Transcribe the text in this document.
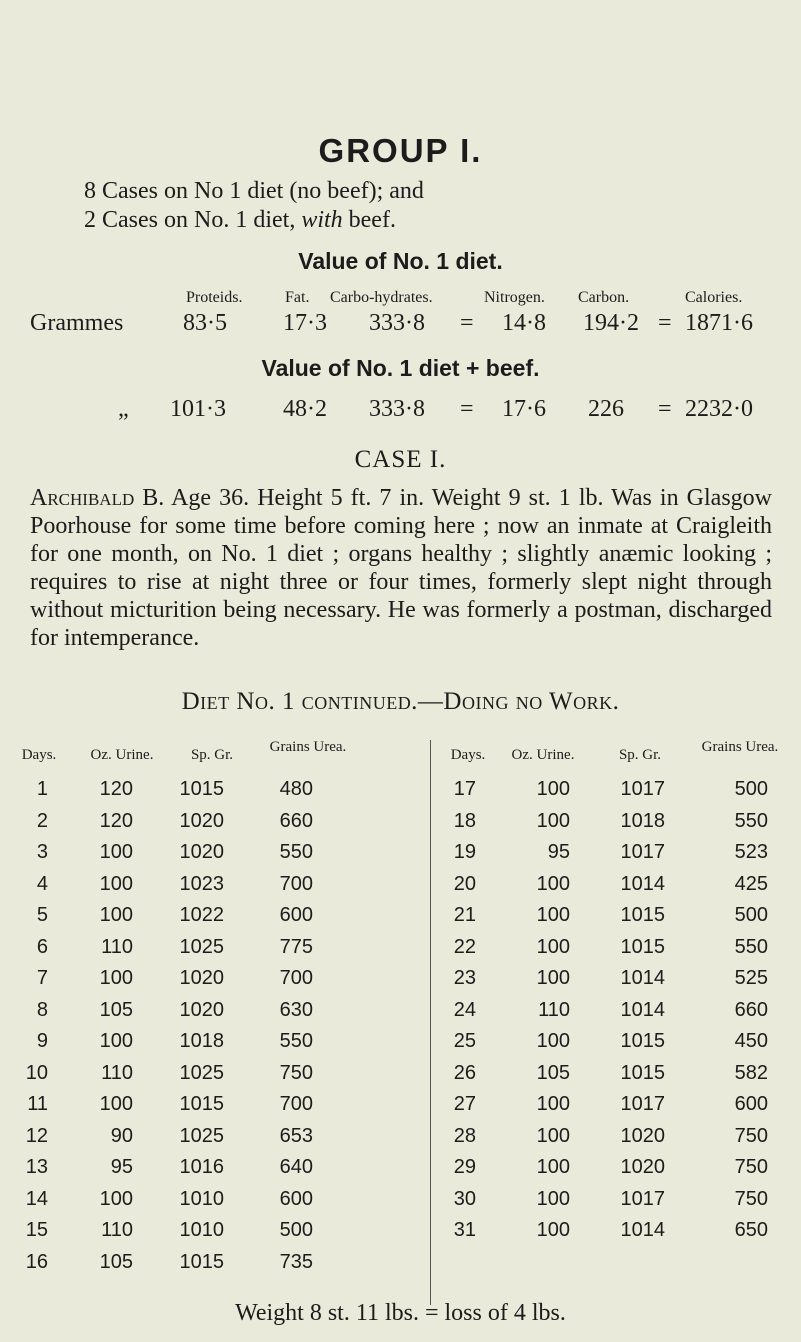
GROUP I.
8 Cases on No 1 diet (no beef); and
2 Cases on No. 1 diet, with beef.
Value of No. 1 diet.
Proteids.	Fat. Carbo-hydrates.	Nitrogen. Carbon.	Calories.
Grammes 83·5 17·3 333·8 = 14·8 194·2 = 1871·6
Value of No. 1 diet + beef.
„ 101·3 48·2 333·8 = 17·6 226 = 2232·0
CASE I.

Archibald B. Age 36. Height 5 ft. 7 in. Weight 9 st. 1 lb. Was in Glasgow Poorhouse for some time before coming here ; now an inmate at Craigleith for one month, on No. 1 diet ; organs healthy ; slightly anæmic looking ; requires to rise at night three or four times, formerly slept night through without micturition being necessary. He was formerly a postman, discharged for intemperance.

Diet No. 1 continued.—Doing no Work.
Days.	Oz. Urine.	Sp. Gr.	Grains Urea.	Days.	Oz. Urine.	Sp. Gr.	Grains Urea.
1	120	1015	480
2	120	1020	660
3	100	1020	550
4	100	1023	700
5	100	1022	600
6	110	1025	775
7	100	1020	700
8	105	1020	630
9	100	1018	550
10	110	1025	750
11	100	1015	700
12	90	1025	653
13	95	1016	640
14	100	1010	600
15	110	1010	500
16	105	1015	735
17	100	1017	500
18	100	1018	550
19	95	1017	523
20	100	1014	425
21	100	1015	500
22	100	1015	550
23	100	1014	525
24	110	1014	660
25	100	1015	450
26	105	1015	582
27	100	1017	600
28	100	1020	750
29	100	1020	750
30	100	1017	750
31	100	1014	650
Weight 8 st. 11 lbs. = loss of 4 lbs.
